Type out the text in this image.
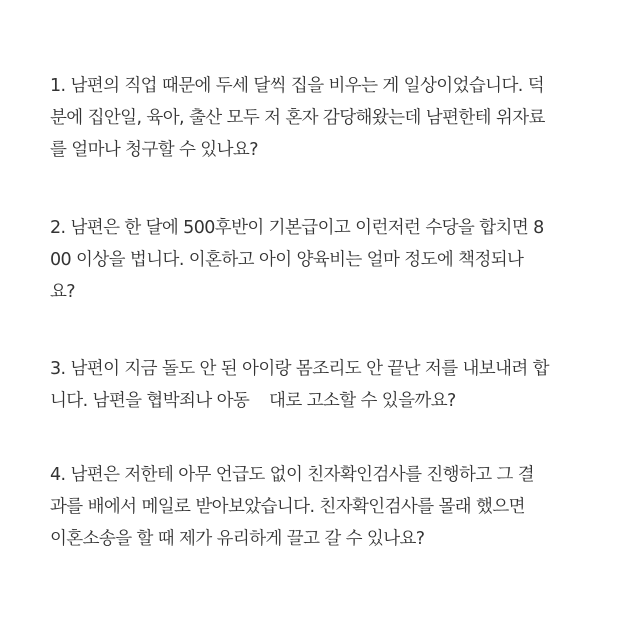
1. 남편의 직업 때문에 두세 달씩 집을 비우는 게 일상이었습니다. 덕
분에 집안일, 육아, 출산 모두 저 혼자 감당해왔는데 남편한테 위자료
를 얼마나 청구할 수 있나요?

2. 남편은 한 달에 500후반이 기본급이고 이런저런 수당을 합치면 8
00 이상을 법니다. 이혼하고 아이 양육비는 얼마 정도에 책정되나
요?

3. 남편이 지금 돌도 안 된 아이랑 몸조리도 안 끝난 저를 내보내려 합
니다. 남편을 협박죄나 아동    대로 고소할 수 있을까요?

4. 남편은 저한테 아무 언급도 없이 친자확인검사를 진행하고 그 결
과를 배에서 메일로 받아보았습니다. 친자확인검사를 몰래 했으면
이혼소송을 할 때 제가 유리하게 끌고 갈 수 있나요?
